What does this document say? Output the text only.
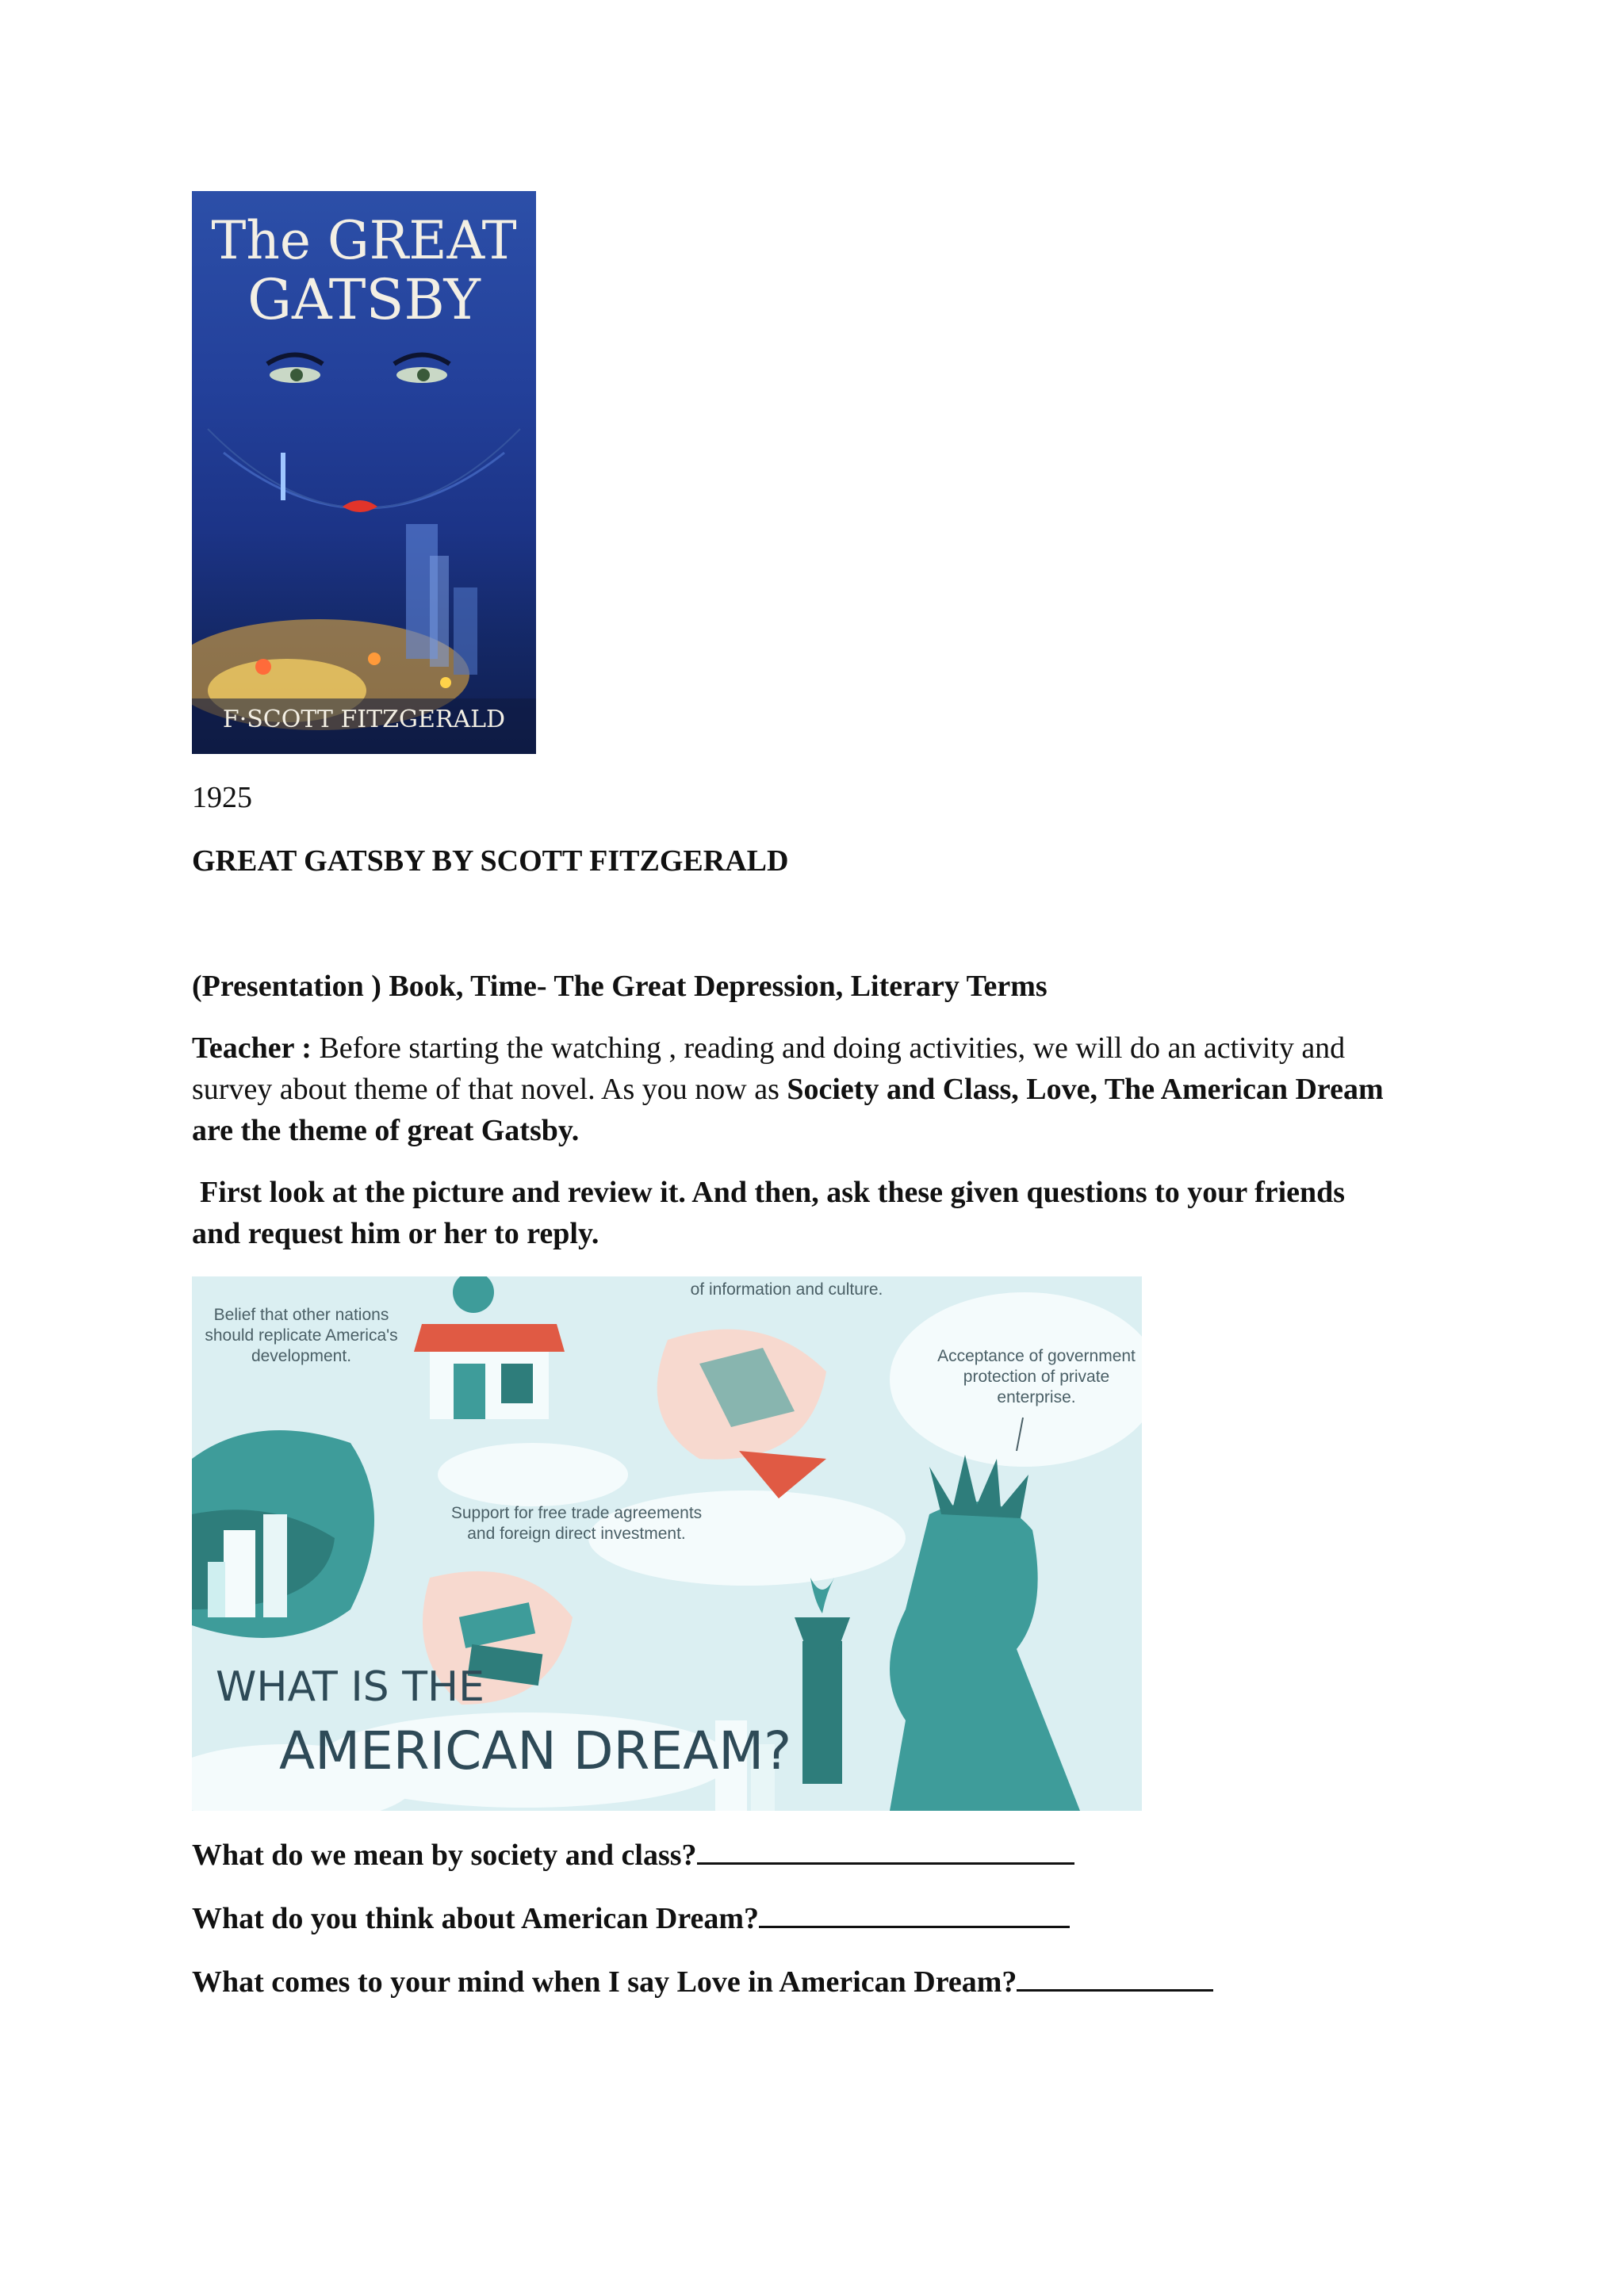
The GREAT
GATSBY
F·SCOTT FITZGERALD
1925
GREAT GATSBY BY SCOTT FITZGERALD
(Presentation ) Book, Time- The Great Depression, Literary Terms
Teacher : Before starting the watching , reading and doing activities, we will do an activity and survey about theme of that novel. As you now as Society and Class, Love, The American Dream are the theme of great Gatsby.
First look at the picture and review it. And then, ask these given questions to your friends and request him or her to reply.
of information and culture.
Belief that other nations should replicate America's development.	Acceptance of government protection of private enterprise.
Support for free trade agreements and foreign direct investment.
WHAT IS THE
AMERICAN DREAM?
What do we mean by society and class?
What do you think about American Dream?
What comes to your mind when I say Love in American Dream?
